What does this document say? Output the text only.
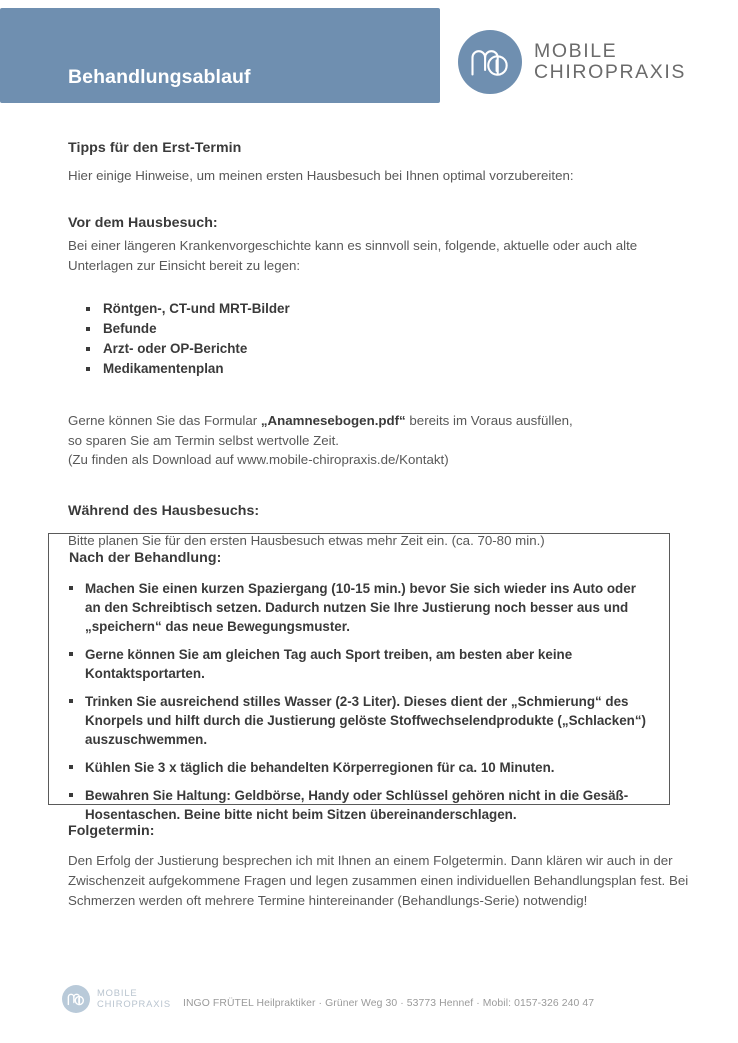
Behandlungsablauf
MOBILE
CHIROPRAXIS
Tipps für den Erst-Termin

Hier einige Hinweise, um meinen ersten Hausbesuch bei Ihnen optimal vorzubereiten:

Vor dem Hausbesuch:

Bei einer längeren Krankenvorgeschichte kann es sinnvoll sein, folgende, aktuelle oder auch alte Unterlagen zur Einsicht bereit zu legen:

Röntgen-, CT-und MRT-Bilder
Befunde
Arzt- oder OP-Berichte
Medikamentenplan

Gerne können Sie das Formular „Anamnesebogen.pdf“ bereits im Voraus ausfüllen,
so sparen Sie am Termin selbst wertvolle Zeit.
(Zu finden als Download auf www.mobile-chiropraxis.de/Kontakt)

Während des Hausbesuchs:

Bitte planen Sie für den ersten Hausbesuch etwas mehr Zeit ein. (ca. 70-80 min.)

Nach der Behandlung:
Machen Sie einen kurzen Spaziergang (10-15 min.) bevor Sie sich wieder ins Auto oder an den Schreibtisch setzen. Dadurch nutzen Sie Ihre Justierung noch besser aus und „speichern“ das neue Bewegungsmuster.
Gerne können Sie am gleichen Tag auch Sport treiben, am besten aber keine Kontaktsportarten.
Trinken Sie ausreichend stilles Wasser (2-3 Liter). Dieses dient der „Schmierung“ des Knorpels und hilft durch die Justierung gelöste Stoffwechselendprodukte („Schlacken“) auszuschwemmen.
Kühlen Sie 3 x täglich die behandelten Körperregionen für ca. 10 Minuten.
Bewahren Sie Haltung: Geldbörse, Handy oder Schlüssel gehören nicht in die Gesäß-Hosentaschen. Beine bitte nicht beim Sitzen übereinanderschlagen.
Folgetermin:

Den Erfolg der Justierung besprechen ich mit Ihnen an einem Folgetermin. Dann klären wir auch in der Zwischenzeit aufgekommene Fragen und legen zusammen einen individuellen Behandlungsplan fest. Bei Schmerzen werden oft mehrere Termine hintereinander (Behandlungs-Serie) notwendig!

MOBILE
CHIROPRAXIS INGO FRÜTEL Heilpraktiker · Grüner Weg 30 · 53773 Hennef · Mobil: 0157-326 240 47
